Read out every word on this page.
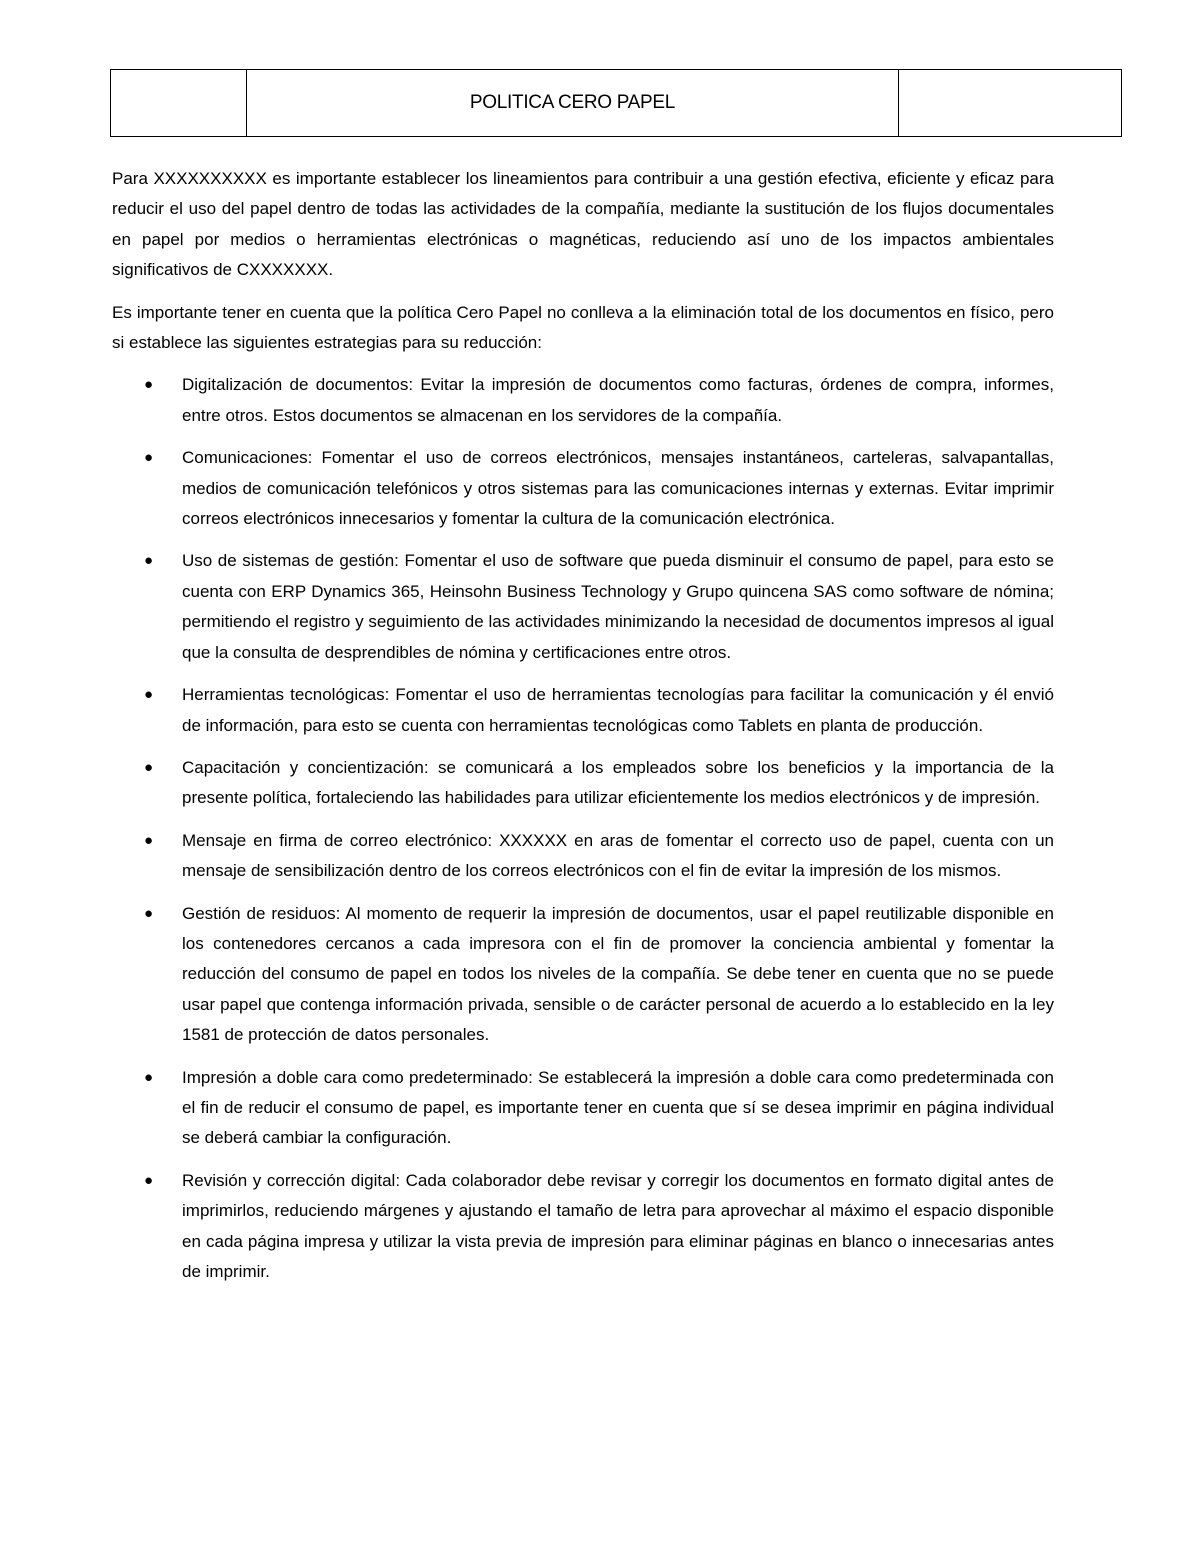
	POLITICA CERO PAPEL	

Para XXXXXXXXXX es importante establecer los lineamientos para contribuir a una gestión efectiva, eficiente y eficaz para reducir el uso del papel dentro de todas las actividades de la compañía, mediante la sustitución de los flujos documentales en papel por medios o herramientas electrónicas o magnéticas, reduciendo así uno de los impactos ambientales significativos de CXXXXXXX.

Es importante tener en cuenta que la política Cero Papel no conlleva a la eliminación total de los documentos en físico, pero si establece las siguientes estrategias para su reducción:

● Digitalización de documentos: Evitar la impresión de documentos como facturas, órdenes de compra, informes, entre otros. Estos documentos se almacenan en los servidores de la compañía.
● Comunicaciones: Fomentar el uso de correos electrónicos, mensajes instantáneos, carteleras, salvapantallas, medios de comunicación telefónicos y otros sistemas para las comunicaciones internas y externas. Evitar imprimir correos electrónicos innecesarios y fomentar la cultura de la comunicación electrónica.
● Uso de sistemas de gestión: Fomentar el uso de software que pueda disminuir el consumo de papel, para esto se cuenta con ERP Dynamics 365, Heinsohn Business Technology y Grupo quincena SAS como software de nómina; permitiendo el registro y seguimiento de las actividades minimizando la necesidad de documentos impresos al igual que la consulta de desprendibles de nómina y certificaciones entre otros.
● Herramientas tecnológicas: Fomentar el uso de herramientas tecnologías para facilitar la comunicación y él envió de información, para esto se cuenta con herramientas tecnológicas como Tablets en planta de producción.
● Capacitación y concientización: se comunicará a los empleados sobre los beneficios y la importancia de la presente política, fortaleciendo las habilidades para utilizar eficientemente los medios electrónicos y de impresión.
● Mensaje en firma de correo electrónico: XXXXXX en aras de fomentar el correcto uso de papel, cuenta con un mensaje de sensibilización dentro de los correos electrónicos con el fin de evitar la impresión de los mismos.
● Gestión de residuos: Al momento de requerir la impresión de documentos, usar el papel reutilizable disponible en los contenedores cercanos a cada impresora con el fin de promover la conciencia ambiental y fomentar la reducción del consumo de papel en todos los niveles de la compañía. Se debe tener en cuenta que no se puede usar papel que contenga información privada, sensible o de carácter personal de acuerdo a lo establecido en la ley 1581 de protección de datos personales.
● Impresión a doble cara como predeterminado: Se establecerá la impresión a doble cara como predeterminada con el fin de reducir el consumo de papel, es importante tener en cuenta que sí se desea imprimir en página individual se deberá cambiar la configuración.
● Revisión y corrección digital: Cada colaborador debe revisar y corregir los documentos en formato digital antes de imprimirlos, reduciendo márgenes y ajustando el tamaño de letra para aprovechar al máximo el espacio disponible en cada página impresa y utilizar la vista previa de impresión para eliminar páginas en blanco o innecesarias antes de imprimir.
